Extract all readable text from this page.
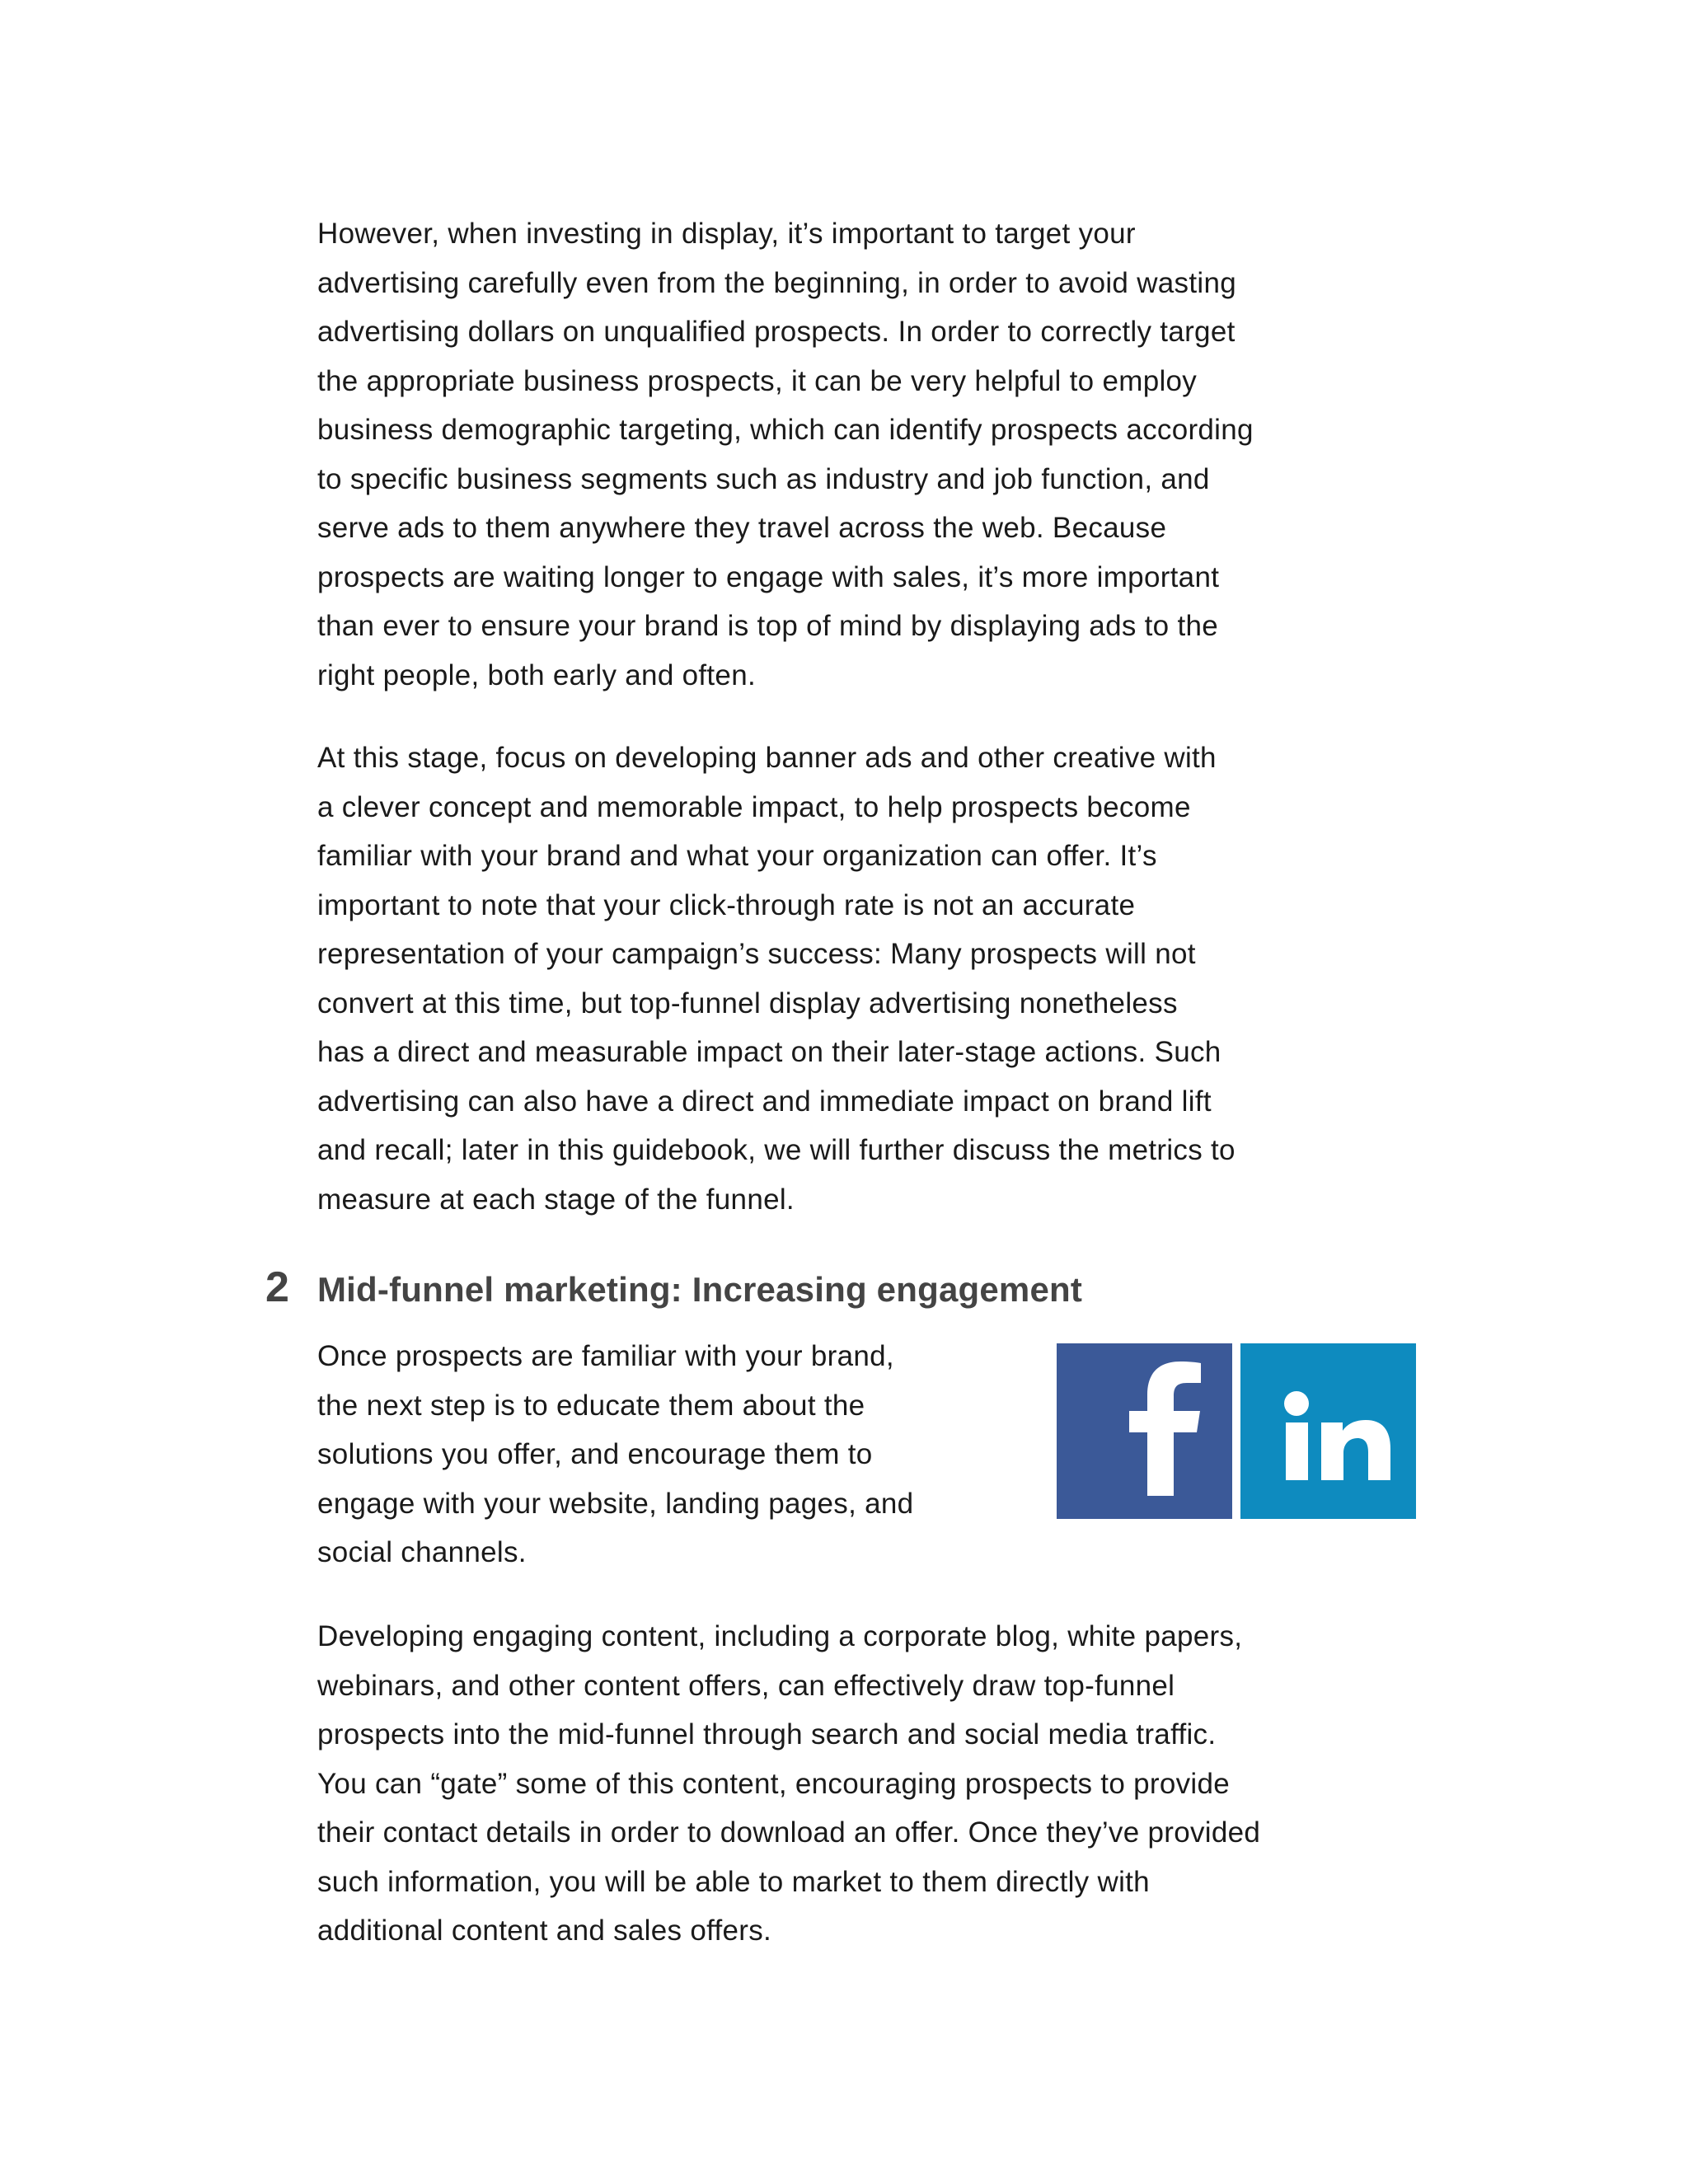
However, when investing in display, it’s important to target your
advertising carefully even from the beginning, in order to avoid wasting
advertising dollars on unqualified prospects. In order to correctly target
the appropriate business prospects, it can be very helpful to employ
business demographic targeting, which can identify prospects according
to specific business segments such as industry and job function, and
serve ads to them anywhere they travel across the web. Because
prospects are waiting longer to engage with sales, it’s more important
than ever to ensure your brand is top of mind by displaying ads to the
right people, both early and often.

At this stage, focus on developing banner ads and other creative with
a clever concept and memorable impact, to help prospects become
familiar with your brand and what your organization can offer. It’s
important to note that your click-through rate is not an accurate
representation of your campaign’s success: Many prospects will not
convert at this time, but top-funnel display advertising nonetheless
has a direct and measurable impact on their later-stage actions. Such
advertising can also have a direct and immediate impact on brand lift
and recall; later in this guidebook, we will further discuss the metrics to
measure at each stage of the funnel.

2 Mid-funnel marketing: Increasing engagement

Once prospects are familiar with your brand,
the next step is to educate them about the
solutions you offer, and encourage them to
engage with your website, landing pages, and
social channels.

Developing engaging content, including a corporate blog, white papers,
webinars, and other content offers, can effectively draw top-funnel
prospects into the mid-funnel through search and social media traffic.
You can “gate” some of this content, encouraging prospects to provide
their contact details in order to download an offer. Once they’ve provided
such information, you will be able to market to them directly with
additional content and sales offers.
